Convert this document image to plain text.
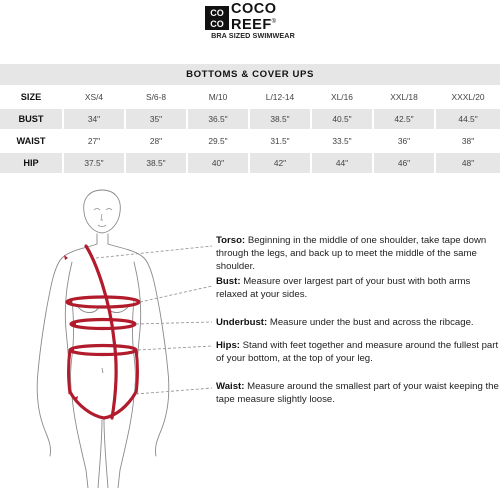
CO
CO
COCO
REEF®
BRA SIZED SWIMWEAR
BOTTOMS & COVER UPS							
SIZE	XS/4	S/6-8	M/10	L/12-14	XL/16	XXL/18	XXXL/20
BUST	34"	35"	36.5"	38.5"	40.5"	42.5"	44.5"
WAIST	27"	28"	29.5"	31.5"	33.5"	36"	38"
HIP	37.5"	38.5"	40"	42"	44"	46"	48"
Torso: Beginning in the middle of one shoulder, take tape down through the legs, and back up to meet the middle of the same shoulder.
Bust: Measure over largest part of your bust with both arms relaxed at your sides.
Underbust: Measure under the bust and across the ribcage.
Hips: Stand with feet together and measure around the fullest part of your bottom, at the top of your leg.
Waist: Measure around the smallest part of your waist keeping the tape measure slightly loose.
